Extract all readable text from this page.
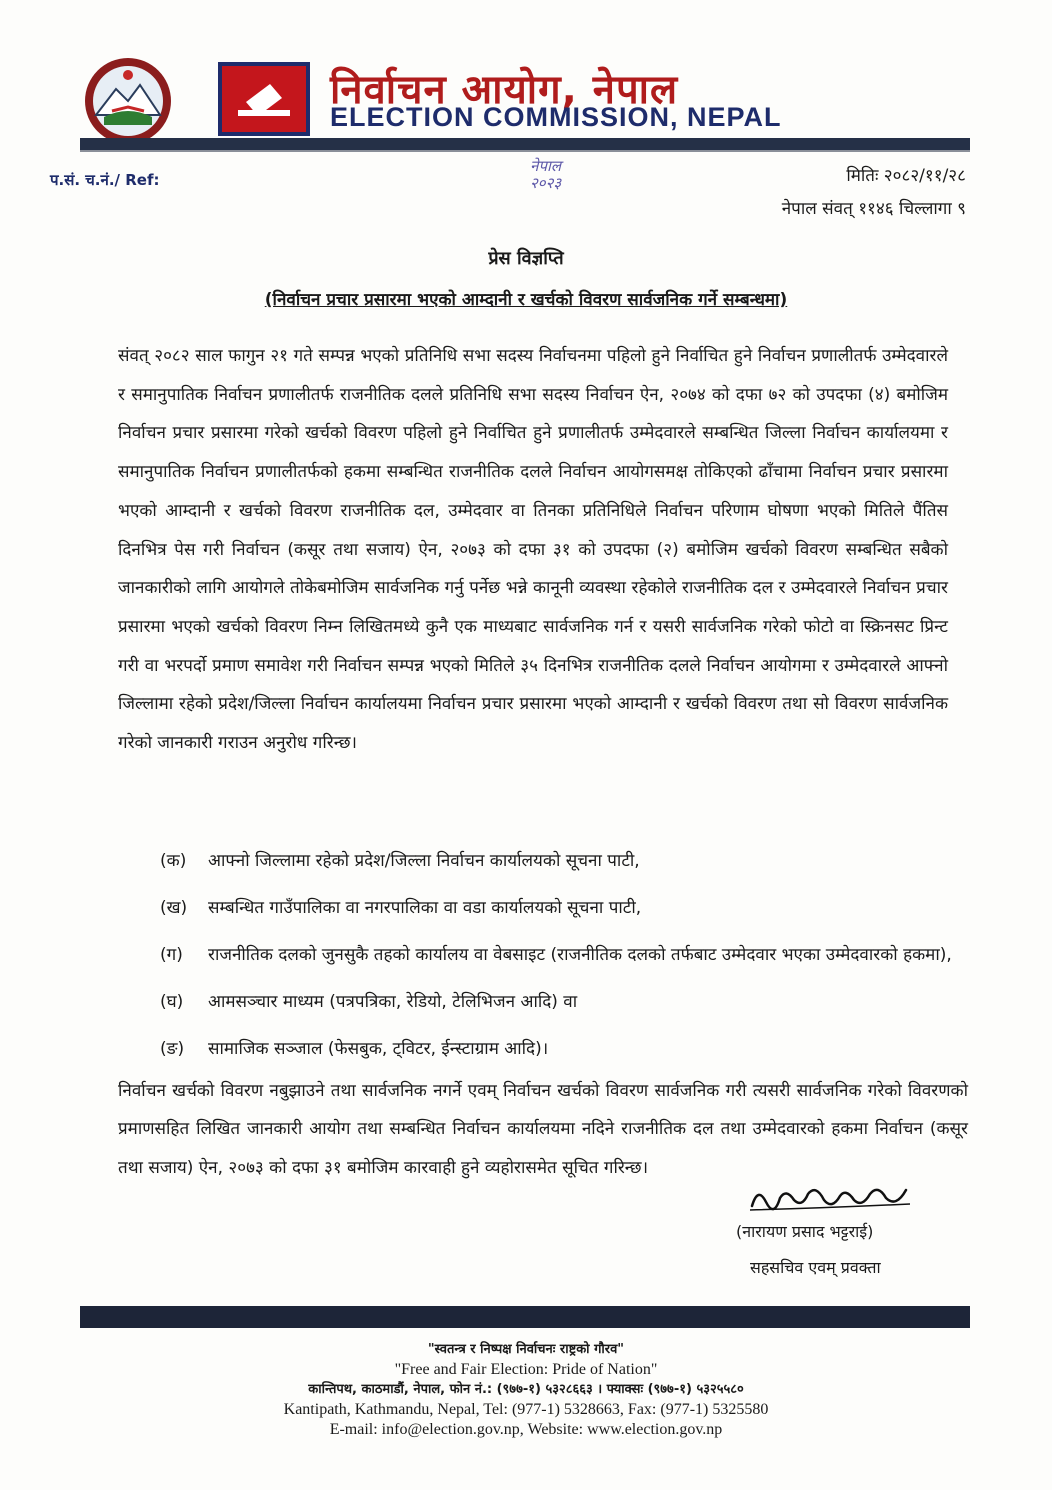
निर्वाचन आयोग, नेपाल
ELECTION COMMISSION, NEPAL
नेपाल
२०२३
प.सं. च.नं./ Ref:	मितिः २०८२/११/२८
नेपाल संवत् ११४६ चिल्लागा ९
प्रेस विज्ञप्ति
(निर्वाचन प्रचार प्रसारमा भएको आम्दानी र खर्चको विवरण सार्वजनिक गर्ने सम्बन्धमा)
संवत् २०८२ साल फागुन २१ गते सम्पन्न भएको प्रतिनिधि सभा सदस्य निर्वाचनमा पहिलो हुने निर्वाचित हुने निर्वाचन प्रणालीतर्फ उम्मेदवारले र समानुपातिक निर्वाचन प्रणालीतर्फ राजनीतिक दलले प्रतिनिधि सभा सदस्य निर्वाचन ऐन, २०७४ को दफा ७२ को उपदफा (४) बमोजिम निर्वाचन प्रचार प्रसारमा गरेको खर्चको विवरण पहिलो हुने निर्वाचित हुने प्रणालीतर्फ उम्मेदवारले सम्बन्धित जिल्ला निर्वाचन कार्यालयमा र समानुपातिक निर्वाचन प्रणालीतर्फको हकमा सम्बन्धित राजनीतिक दलले निर्वाचन आयोगसमक्ष तोकिएको ढाँचामा निर्वाचन प्रचार प्रसारमा भएको आम्दानी र खर्चको विवरण राजनीतिक दल, उम्मेदवार वा तिनका प्रतिनिधिले निर्वाचन परिणाम घोषणा भएको मितिले पैंतिस दिनभित्र पेस गरी निर्वाचन (कसूर तथा सजाय) ऐन, २०७३ को दफा ३१ को उपदफा (२) बमोजिम खर्चको विवरण सम्बन्धित सबैको जानकारीको लागि आयोगले तोकेबमोजिम सार्वजनिक गर्नु पर्नेछ भन्ने कानूनी व्यवस्था रहेकोले राजनीतिक दल र उम्मेदवारले निर्वाचन प्रचार प्रसारमा भएको खर्चको विवरण निम्न लिखितमध्ये कुनै एक माध्यबाट सार्वजनिक गर्न र यसरी सार्वजनिक गरेको फोटो वा स्क्रिनसट प्रिन्ट गरी वा भरपर्दो प्रमाण समावेश गरी निर्वाचन सम्पन्न भएको मितिले ३५ दिनभित्र राजनीतिक दलले निर्वाचन आयोगमा र उम्मेदवारले आफ्नो जिल्लामा रहेको प्रदेश/जिल्ला निर्वाचन कार्यालयमा निर्वाचन प्रचार प्रसारमा भएको आम्दानी र खर्चको विवरण तथा सो विवरण सार्वजनिक गरेको जानकारी गराउन अनुरोध गरिन्छ।
(क)	आफ्नो जिल्लामा रहेको प्रदेश/जिल्ला निर्वाचन कार्यालयको सूचना पाटी,
(ख)	सम्बन्धित गाउँपालिका वा नगरपालिका वा वडा कार्यालयको सूचना पाटी,
(ग)	राजनीतिक दलको जुनसुकै तहको कार्यालय वा वेबसाइट (राजनीतिक दलको तर्फबाट उम्मेदवार भएका उम्मेदवारको हकमा),
(घ)	आमसञ्चार माध्यम (पत्रपत्रिका, रेडियो, टेलिभिजन आदि) वा
(ङ)	सामाजिक सञ्जाल (फेसबुक, ट्विटर, ईन्स्टाग्राम आदि)।
निर्वाचन खर्चको विवरण नबुझाउने तथा सार्वजनिक नगर्ने एवम् निर्वाचन खर्चको विवरण सार्वजनिक गरी त्यसरी सार्वजनिक गरेको विवरणको प्रमाणसहित लिखित जानकारी आयोग तथा सम्बन्धित निर्वाचन कार्यालयमा नदिने राजनीतिक दल तथा उम्मेदवारको हकमा निर्वाचन (कसूर तथा सजाय) ऐन, २०७३ को दफा ३१ बमोजिम कारवाही हुने व्यहोरासमेत सूचित गरिन्छ।
(नारायण प्रसाद भट्टराई)
सहसचिव एवम् प्रवक्ता
"स्वतन्त्र र निष्पक्ष निर्वाचनः राष्ट्रको गौरव"
"Free and Fair Election: Pride of Nation"
कान्तिपथ, काठमाडौं, नेपाल, फोन नं.: (९७७-१) ५३२८६६३ । फ्याक्सः (९७७-१) ५३२५५८०
Kantipath, Kathmandu, Nepal, Tel: (977-1) 5328663, Fax: (977-1) 5325580
E-mail: info@election.gov.np, Website: www.election.gov.np
